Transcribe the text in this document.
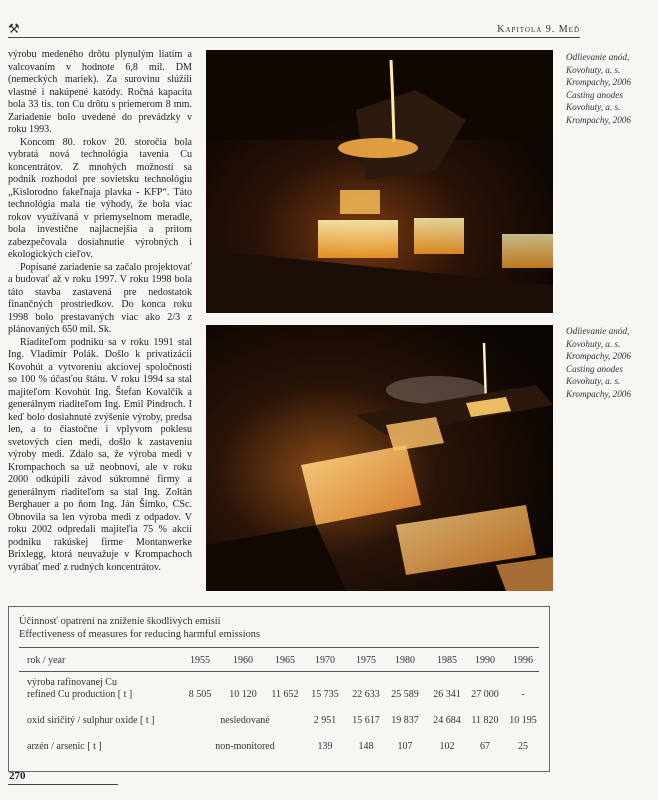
⚒	Kapitola 9. Meď

výrobu medeného drôtu plynulým liatím a valcovaním v hodnote 6,8 mil. DM (nemeckých mariek). Za surovinu slúžili vlastné i nakúpené katódy. Ročná kapacita bola 33 tis. ton Cu drôtu s priemerom 8 mm. Zariadenie bolo uvedené do prevádzky v roku 1993.

Koncom 80. rokov 20. storočia bola vybratá nová technológia tavenia Cu koncentrátov. Z mnohých možností sa podnik rozhodol pre sovietsku technológiu „Kislorodno fakeľnaja plavka - KFP“. Táto technológia mala tie výhody, že bola viac rokov využívaná v priemyselnom meradle, bola investične najlacnejšia a pritom zabezpečovala dosiahnutie výrobných i ekologických cieľov.

Popísané zariadenie sa začalo projektovať a budovať až v roku 1997. V roku 1998 bola táto stavba zastavená pre nedostatok finančných prostriedkov. Do konca roku 1998 bolo prestavaných viac ako 2/3 z plánovaných 650 mil. Sk.

Riaditeľom podniku sa v roku 1991 stal Ing. Vladimír Polák. Došlo k privatizácii Kovohút a vytvoreniu akciovej spoločnosti so 100 % účasťou štátu. V roku 1994 sa stal majiteľom Kovohút Ing. Štefan Kovalčík a generálnym riaditeľom Ing. Emil Pindroch. I keď bolo dosiahnuté zvýšenie výroby, predsa len, a to čiastočne i vplyvom poklesu svetových cien medi, došlo k zastaveniu výroby medi. Zdalo sa, že výroba medi v Krompachoch sa už neobnoví, ale v roku 2000 odkúpili závod súkromné firmy a generálnym riaditeľom sa stal Ing. Zoltán Berghauer a po ňom Ing. Ján Šimko, CSc. Obnovila sa len výroba medi z odpadov. V roku 2002 odpredali majiteľia 75 % akcií podniku rakúskej firme Montanwerke Brixlegg, ktorá neuvažuje v Krompachoch vyrábať meď z rudných koncentrátov.

Odlievanie anód, Kovohuty, a. s. Krompachy, 2006 Casting anodes Kovohuty, a. s. Krompachy, 2006
Odlievanie anód, Kovohuty, a. s. Krompachy, 2006 Casting anodes Kovohuty, a. s. Krompachy, 2006
Účinnosť opatrení na zníženie škodlivých emisií
Effectiveness of measures for reducing harmful emissions
rok / year	1955	1960	1965	1970	1975	1980	1985	1990	1996
výroba rafinovanej Cu
refined Cu production [ t ]	8 505	10 120	11 652	15 735	22 633	25 589	26 341	27 000	-
oxid siričitý / sulphur oxide [ t ]	nesledované	2 951	15 617	19 837	24 684	11 820	10 195
arzén / arsenic [ t ]	non-monitored	139	148	107	102	67	25
270
